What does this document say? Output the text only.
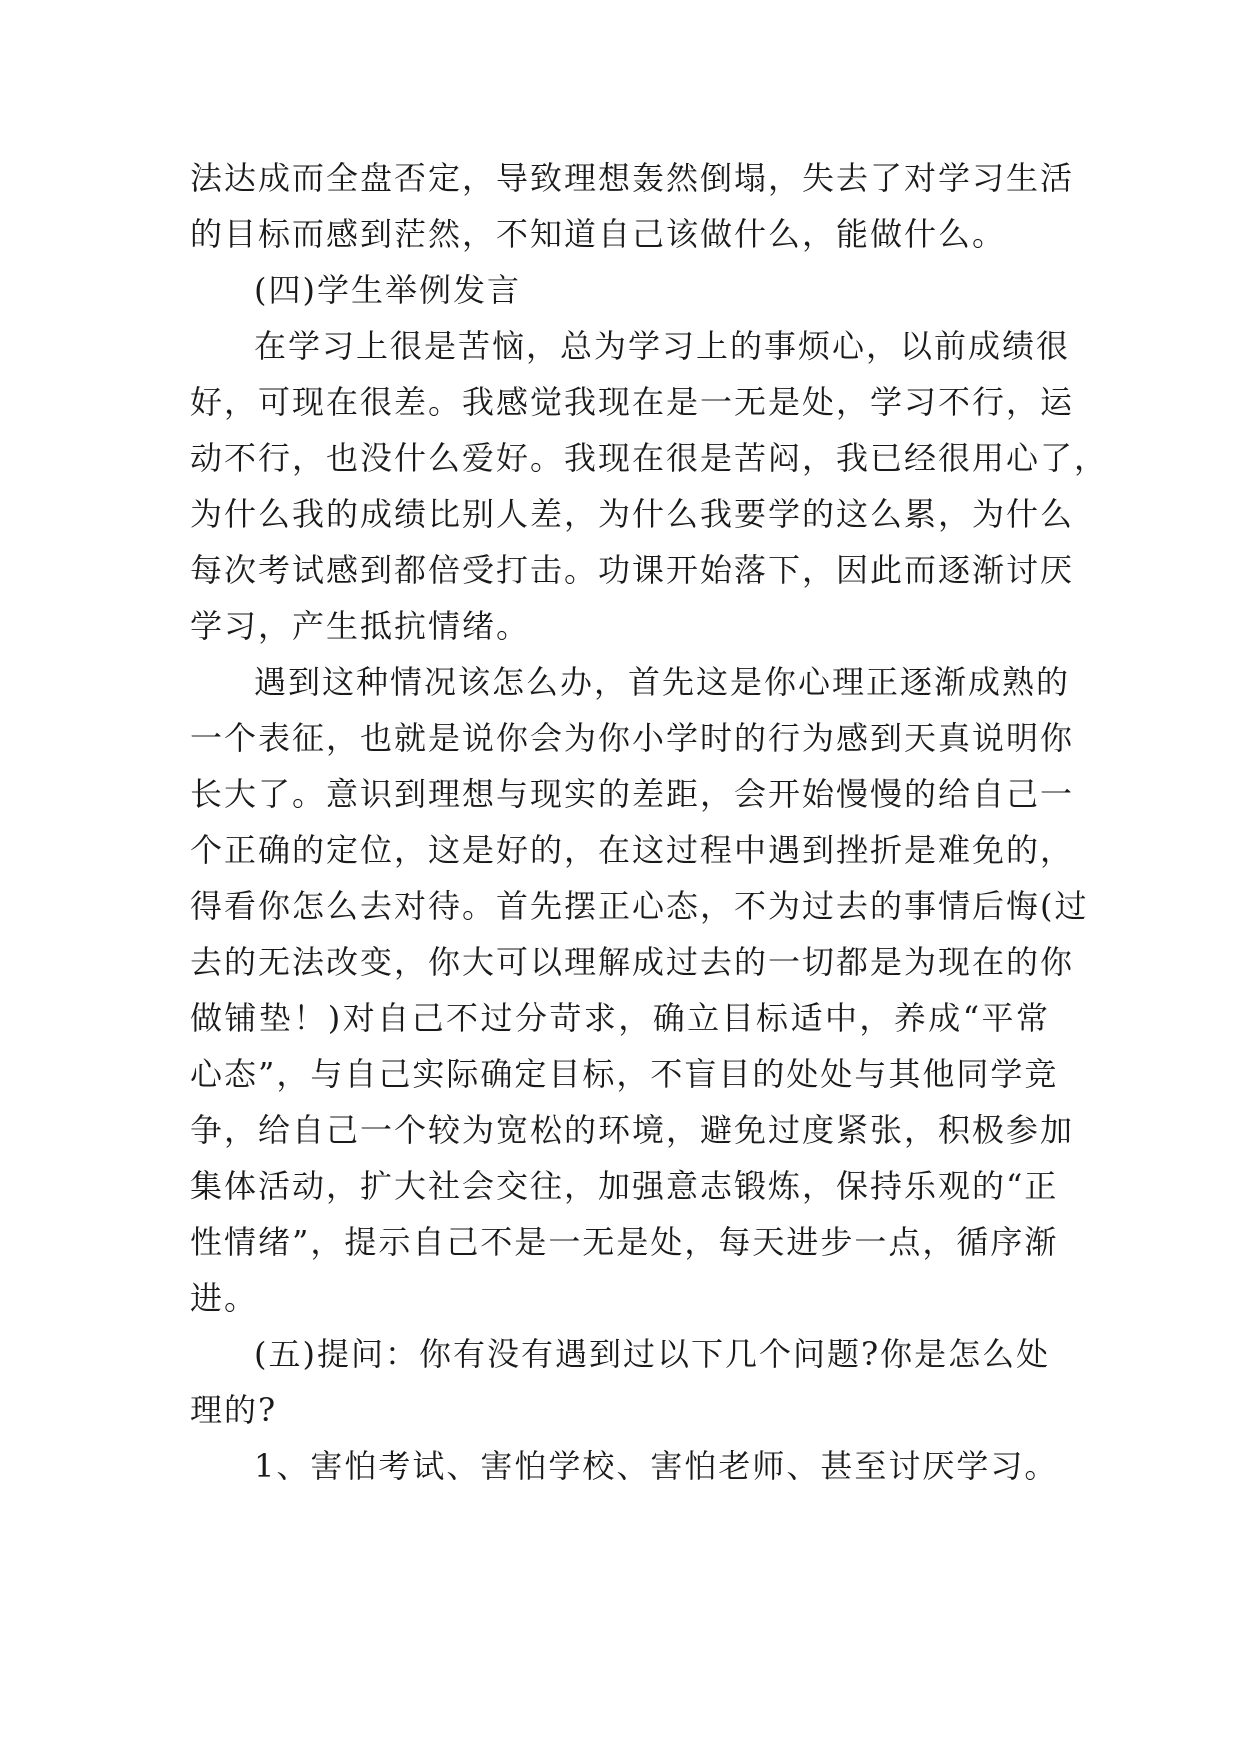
法达成而全盘否定，导致理想轰然倒塌，失去了对学习生活
的目标而感到茫然，不知道自己该做什么，能做什么。
(四)学生举例发言
在学习上很是苦恼，总为学习上的事烦心，以前成绩很
好，可现在很差。我感觉我现在是一无是处，学习不行，运
动不行，也没什么爱好。我现在很是苦闷，我已经很用心了，
为什么我的成绩比别人差，为什么我要学的这么累，为什么
每次考试感到都倍受打击。功课开始落下，因此而逐渐讨厌
学习，产生抵抗情绪。
遇到这种情况该怎么办，首先这是你心理正逐渐成熟的
一个表征，也就是说你会为你小学时的行为感到天真说明你
长大了。意识到理想与现实的差距，会开始慢慢的给自己一
个正确的定位，这是好的，在这过程中遇到挫折是难免的，
得看你怎么去对待。首先摆正心态，不为过去的事情后悔(过
去的无法改变，你大可以理解成过去的一切都是为现在的你
做铺垫！)对自己不过分苛求，确立目标适中，养成“平常
心态”，与自己实际确定目标，不盲目的处处与其他同学竞
争，给自己一个较为宽松的环境，避免过度紧张，积极参加
集体活动，扩大社会交往，加强意志锻炼，保持乐观的“正
性情绪”，提示自己不是一无是处，每天进步一点，循序渐
进。
(五)提问：你有没有遇到过以下几个问题?你是怎么处
理的?
1、害怕考试、害怕学校、害怕老师、甚至讨厌学习。
